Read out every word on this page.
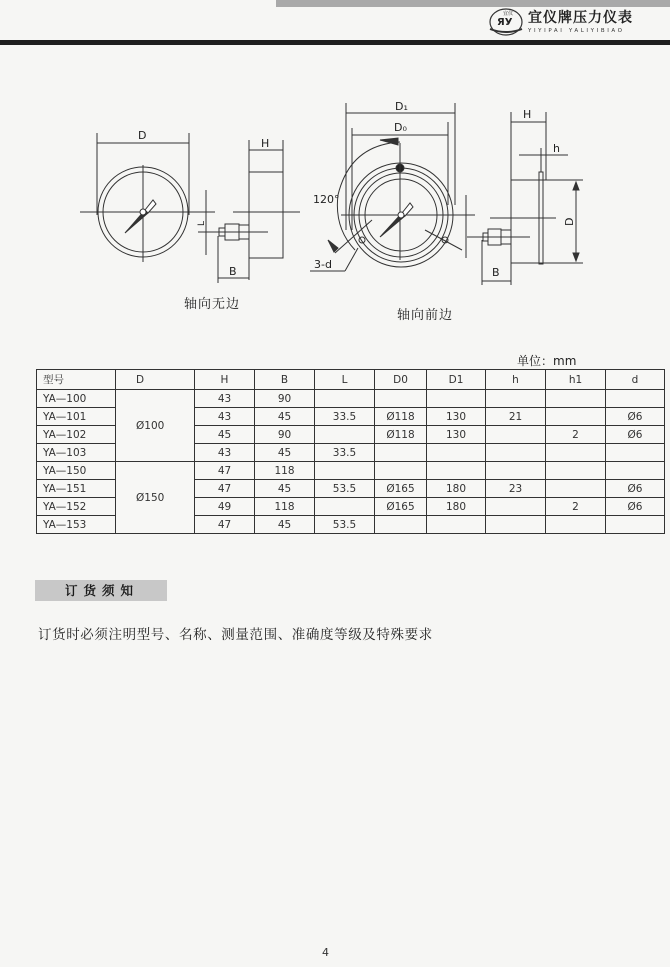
ЯУ
宜仪 宜仪牌压力仪表
YIYIPAI YALIYIBIAO
D
H
B
L
D₁
D₀
120°
3-d
H
h
D
B
轴向无边
轴向前边
单位：mm
型号	D	H	B	L	D0	D1	h	h1	d
YA—100	Ø100	43	90						
YA—101		43	45	33.5	Ø118	130	21		Ø6
YA—102		45	90		Ø118	130		2	Ø6
YA—103		43	45	33.5					
YA—150	Ø150	47	118						
YA—151		47	45	53.5	Ø165	180	23		Ø6
YA—152		49	118		Ø165	180		2	Ø6
YA—153		47	45	53.5					
订货须知
订货时必须注明型号、名称、测量范围、准确度等级及特殊要求
4
